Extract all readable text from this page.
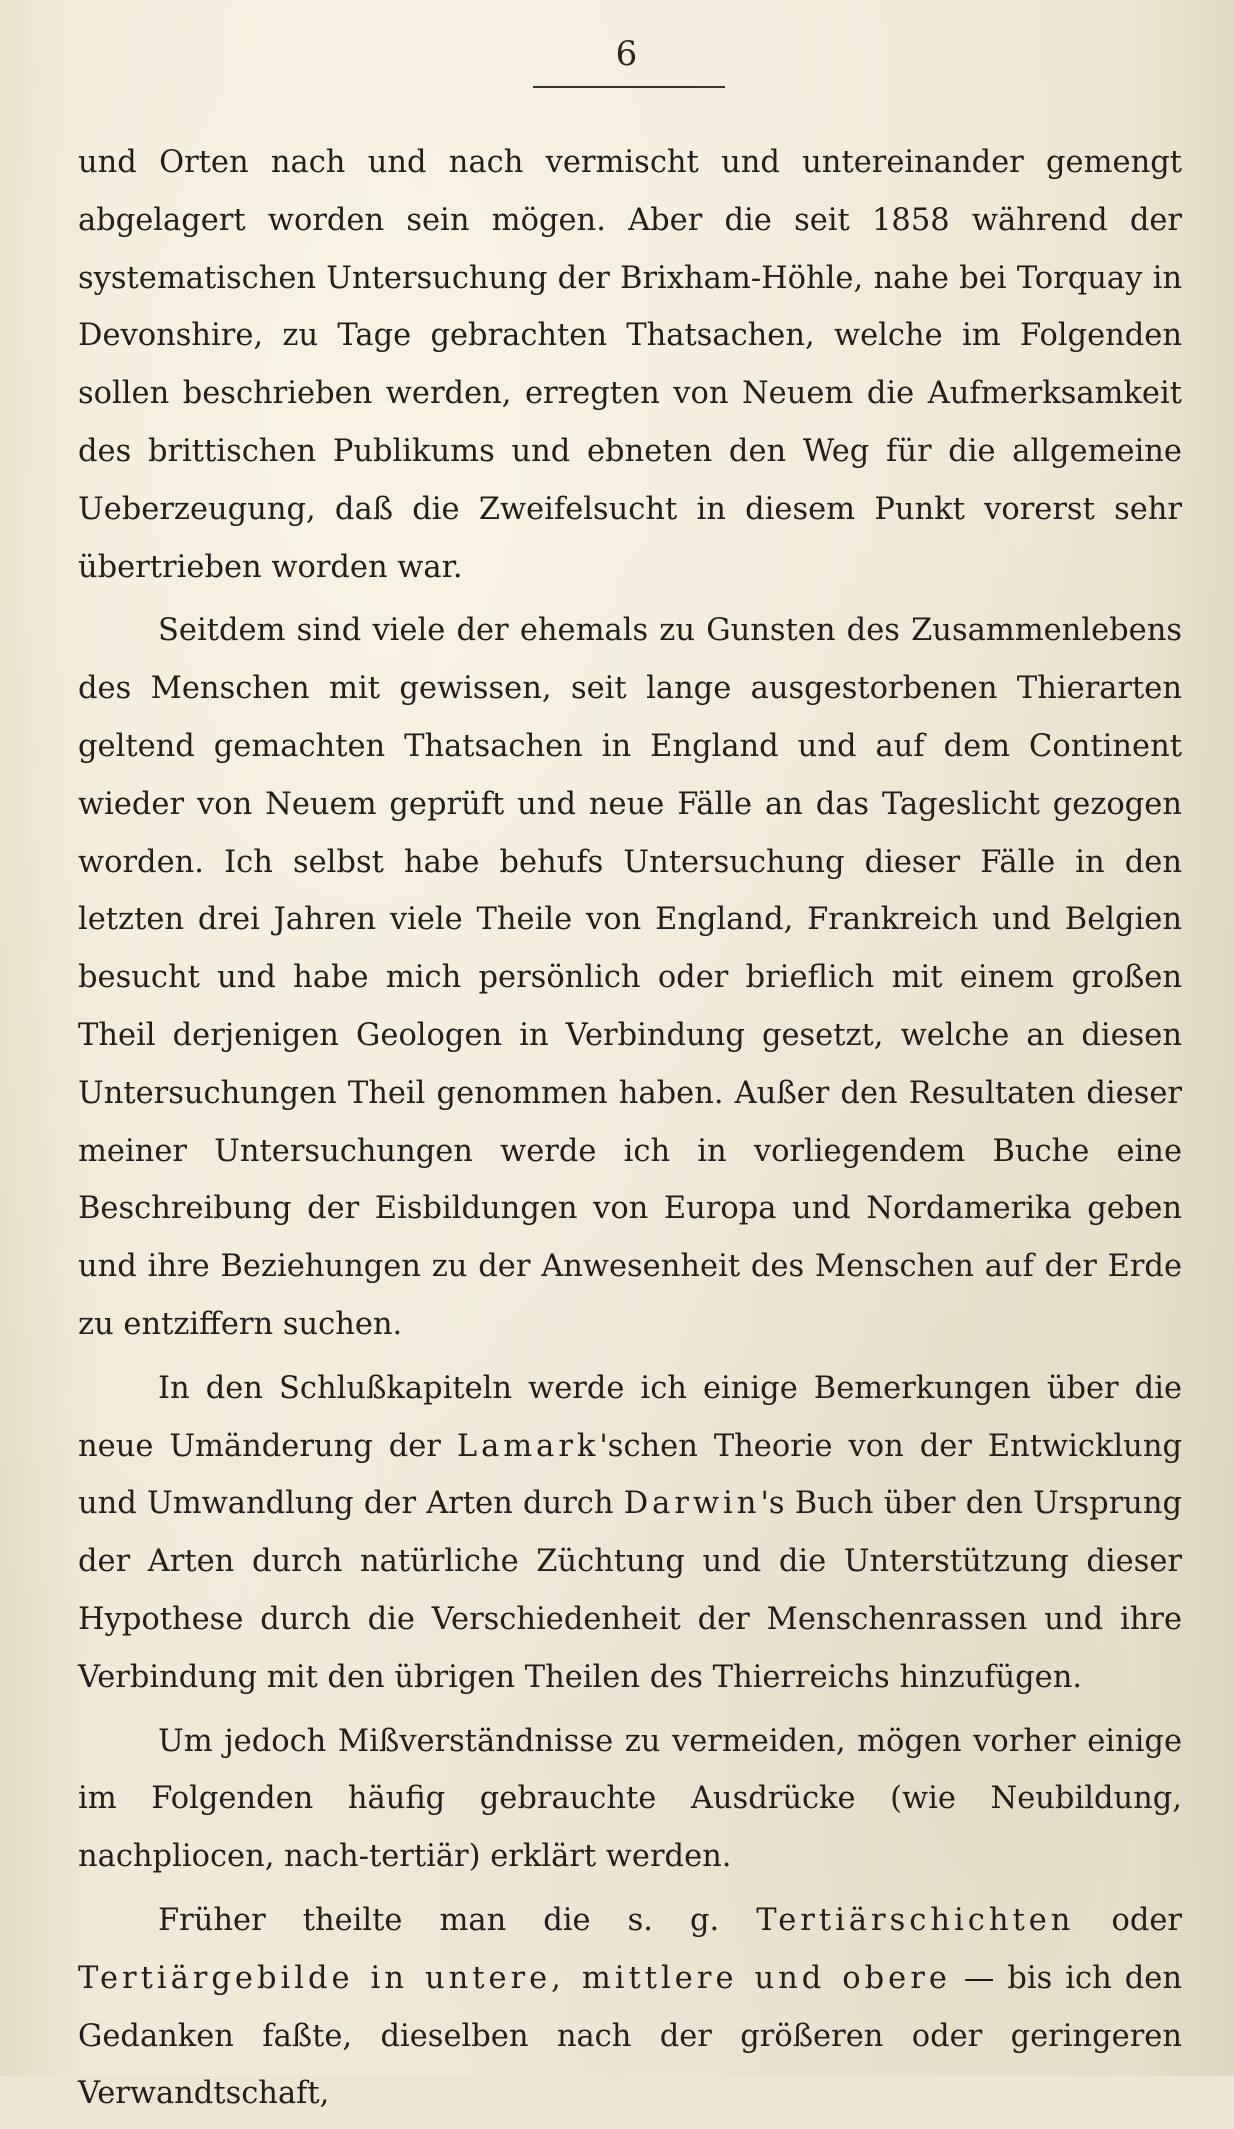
6

und Orten nach und nach vermischt und untereinander gemengt abgelagert worden sein mögen. Aber die seit 1858 während der systematischen Untersuchung der Brixham-Höhle, nahe bei Torquay in Devonshire, zu Tage gebrachten Thatsachen, welche im Folgenden sollen beschrieben werden, erregten von Neuem die Aufmerksamkeit des brittischen Publikums und ebneten den Weg für die allgemeine Ueberzeugung, daß die Zweifelsucht in diesem Punkt vorerst sehr übertrieben worden war.

Seitdem sind viele der ehemals zu Gunsten des Zusammenlebens des Menschen mit gewissen, seit lange ausgestorbenen Thierarten geltend gemachten Thatsachen in England und auf dem Continent wieder von Neuem geprüft und neue Fälle an das Tageslicht gezogen worden. Ich selbst habe behufs Untersuchung dieser Fälle in den letzten drei Jahren viele Theile von England, Frankreich und Belgien besucht und habe mich persönlich oder brieflich mit einem großen Theil derjenigen Geologen in Verbindung gesetzt, welche an diesen Untersuchungen Theil genommen haben. Außer den Resultaten dieser meiner Untersuchungen werde ich in vorliegendem Buche eine Beschreibung der Eisbildungen von Europa und Nordamerika geben und ihre Beziehungen zu der Anwesenheit des Menschen auf der Erde zu entziffern suchen.

In den Schlußkapiteln werde ich einige Bemerkungen über die neue Umänderung der Lamark'schen Theorie von der Entwicklung und Umwandlung der Arten durch Darwin's Buch über den Ursprung der Arten durch natürliche Züchtung und die Unterstützung dieser Hypothese durch die Verschiedenheit der Menschenrassen und ihre Verbindung mit den übrigen Theilen des Thierreichs hinzufügen.

Um jedoch Mißverständnisse zu vermeiden, mögen vorher einige im Folgenden häufig gebrauchte Ausdrücke (wie Neubildung, nachpliocen, nach-tertiär) erklärt werden.

Früher theilte man die s. g. Tertiärschichten oder Tertiärgebilde in untere, mittlere und obere — bis ich den Gedanken faßte, dieselben nach der größeren oder geringeren Verwandtschaft,
